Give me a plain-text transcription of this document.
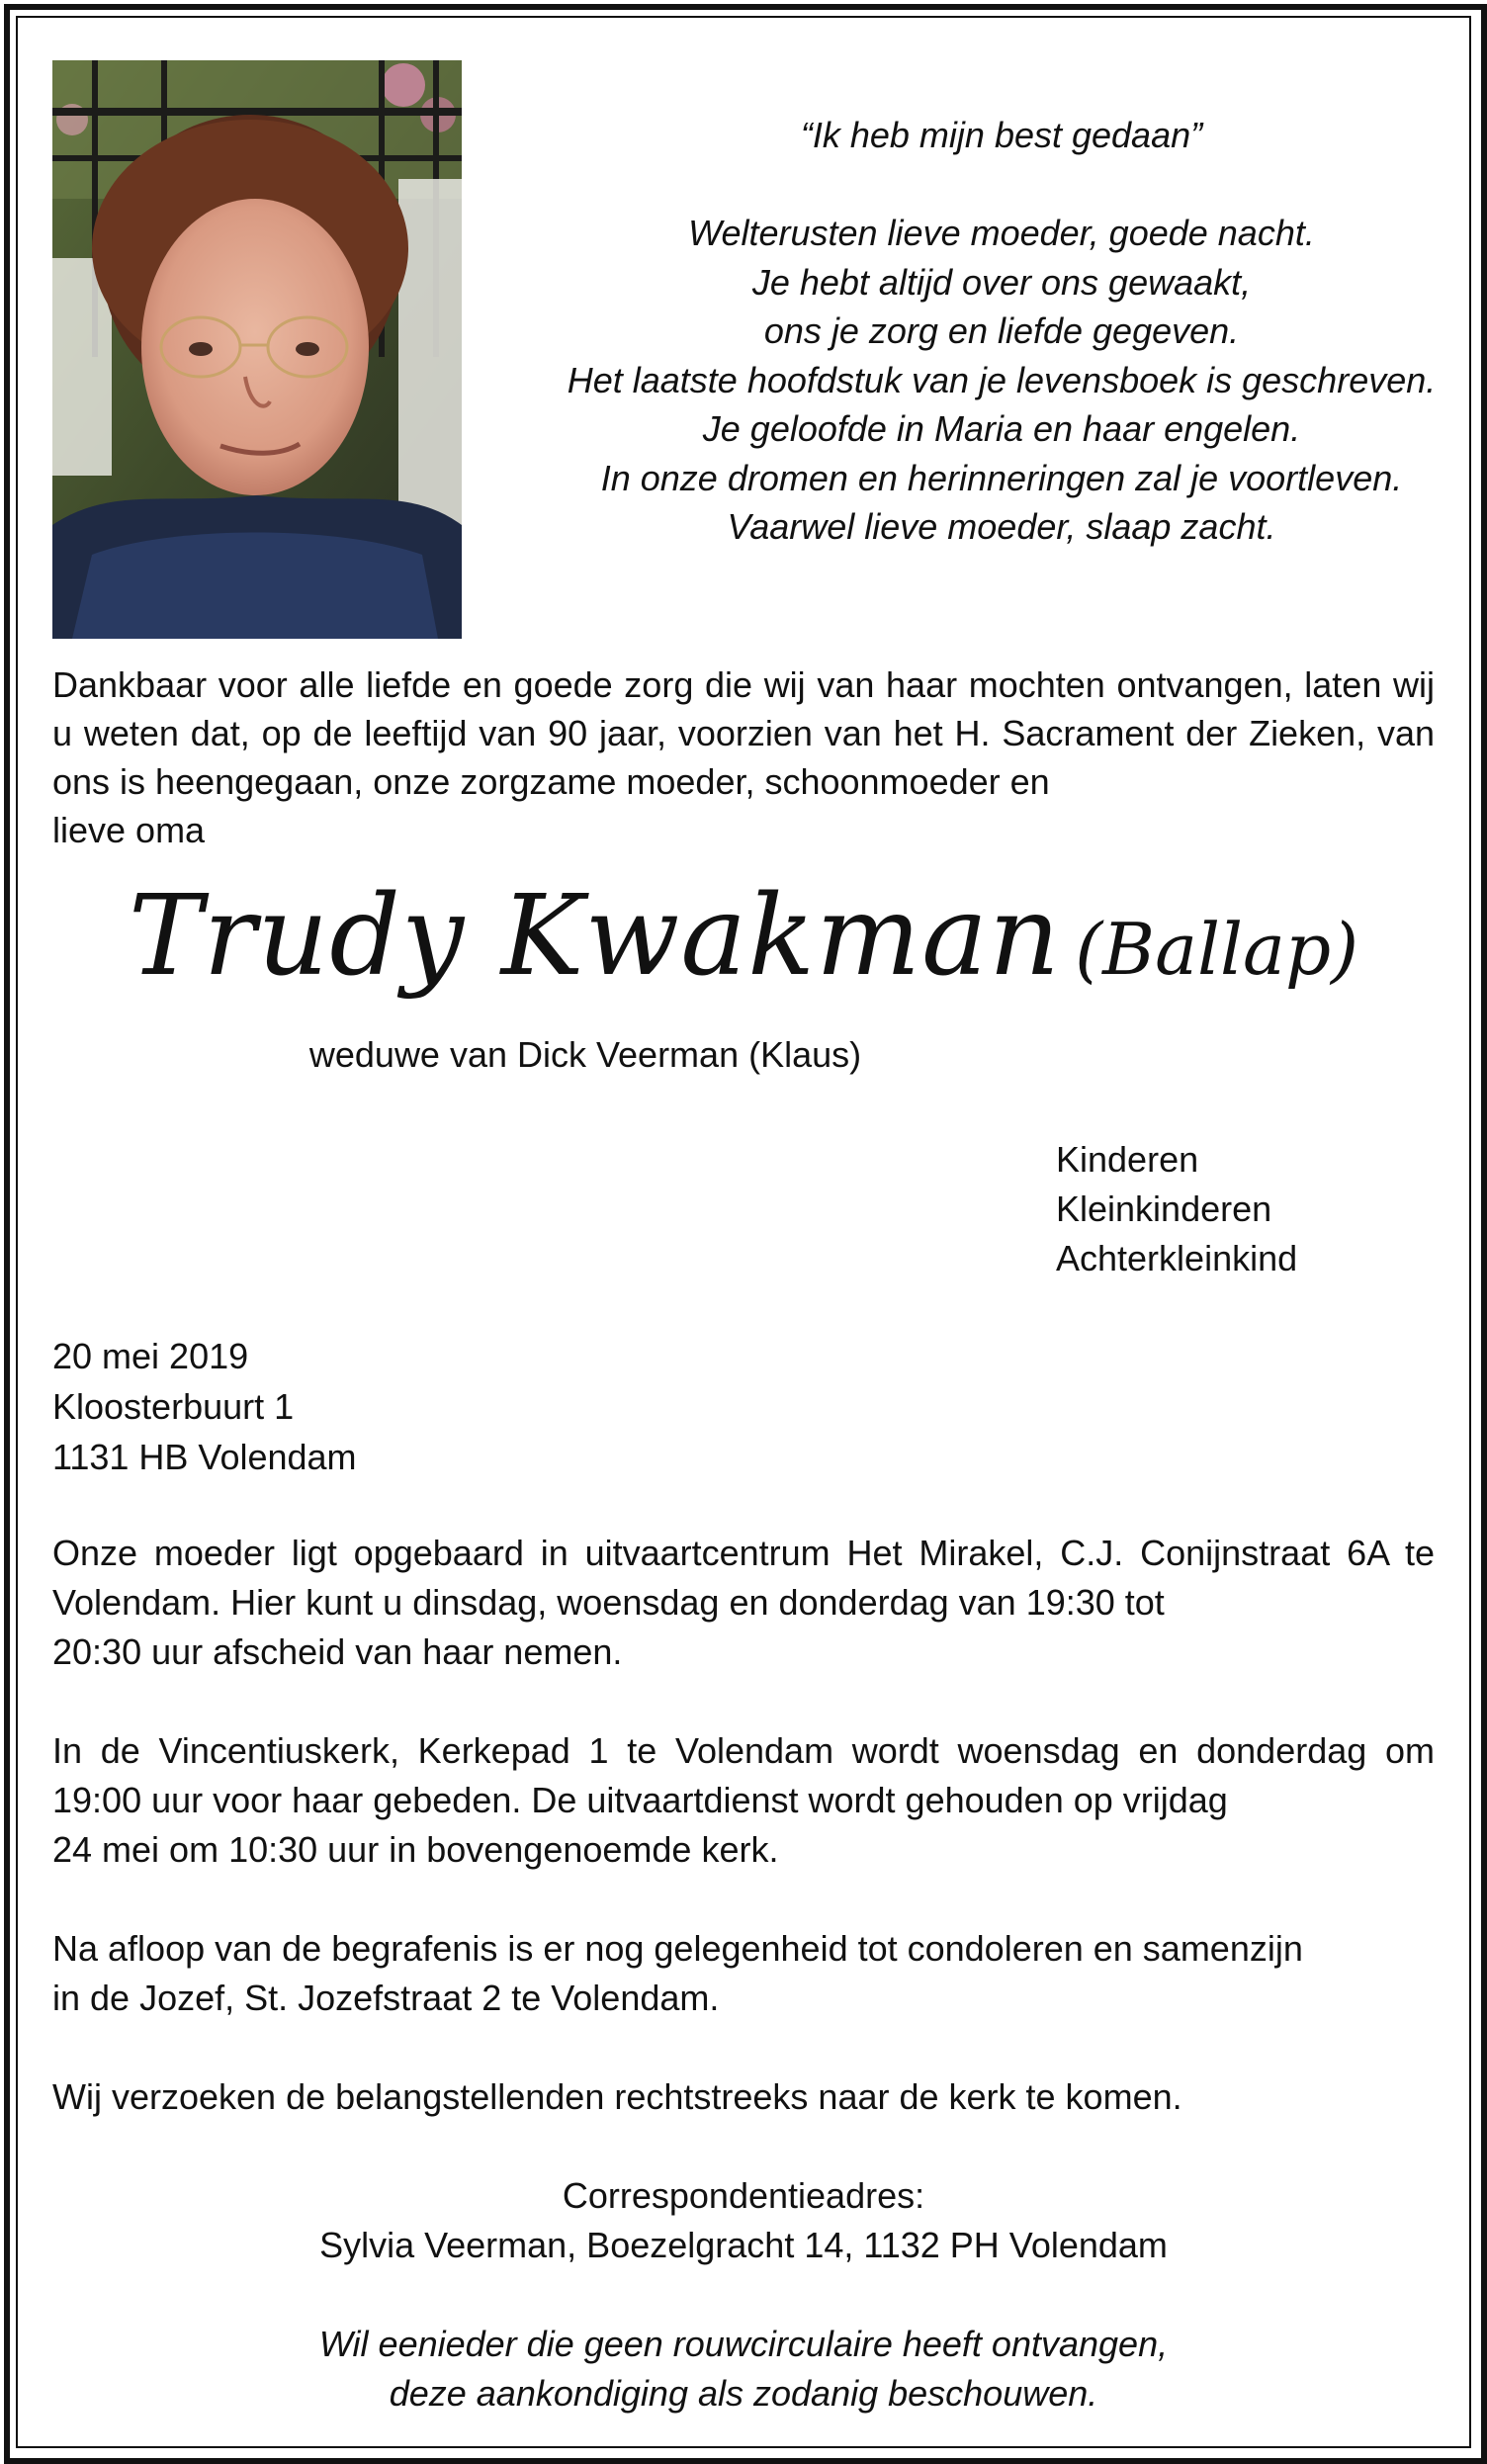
“Ik heb mijn best gedaan”
Welterusten lieve moeder, goede nacht.
Je hebt altijd over ons gewaakt,
ons je zorg en liefde gegeven.
Het laatste hoofdstuk van je levensboek is geschreven.
Je geloofde in Maria en haar engelen.
In onze dromen en herinneringen zal je voortleven.
Vaarwel lieve moeder, slaap zacht.
Dankbaar voor alle liefde en goede zorg die wij van haar mochten ontvangen, laten wij u weten dat, op de leeftijd van 90 jaar, voorzien van het H. Sacrament der Zieken, van ons is heengegaan, onze zorgzame moeder, schoonmoeder en
lieve oma
Trudy Kwakman (Ballap)
weduwe van Dick Veerman (Klaus)
Kinderen
Kleinkinderen
Achterkleinkind
20 mei 2019
Kloosterbuurt 1
1131 HB Volendam
Onze moeder ligt opgebaard in uitvaartcentrum Het Mirakel, C.J. Conijnstraat 6A te Volendam. Hier kunt u dinsdag, woensdag en donderdag van 19:30 tot
20:30 uur afscheid van haar nemen.
In de Vincentiuskerk, Kerkepad 1 te Volendam wordt woensdag en donderdag om 19:00 uur voor haar gebeden. De uitvaartdienst wordt gehouden op vrijdag
24 mei om 10:30 uur in bovengenoemde kerk.
Na afloop van de begrafenis is er nog gelegenheid tot condoleren en samenzijn
in de Jozef, St. Jozefstraat 2 te Volendam.
Wij verzoeken de belangstellenden rechtstreeks naar de kerk te komen.
Correspondentieadres:
Sylvia Veerman, Boezelgracht 14, 1132 PH Volendam
Wil eenieder die geen rouwcirculaire heeft ontvangen,
deze aankondiging als zodanig beschouwen.
